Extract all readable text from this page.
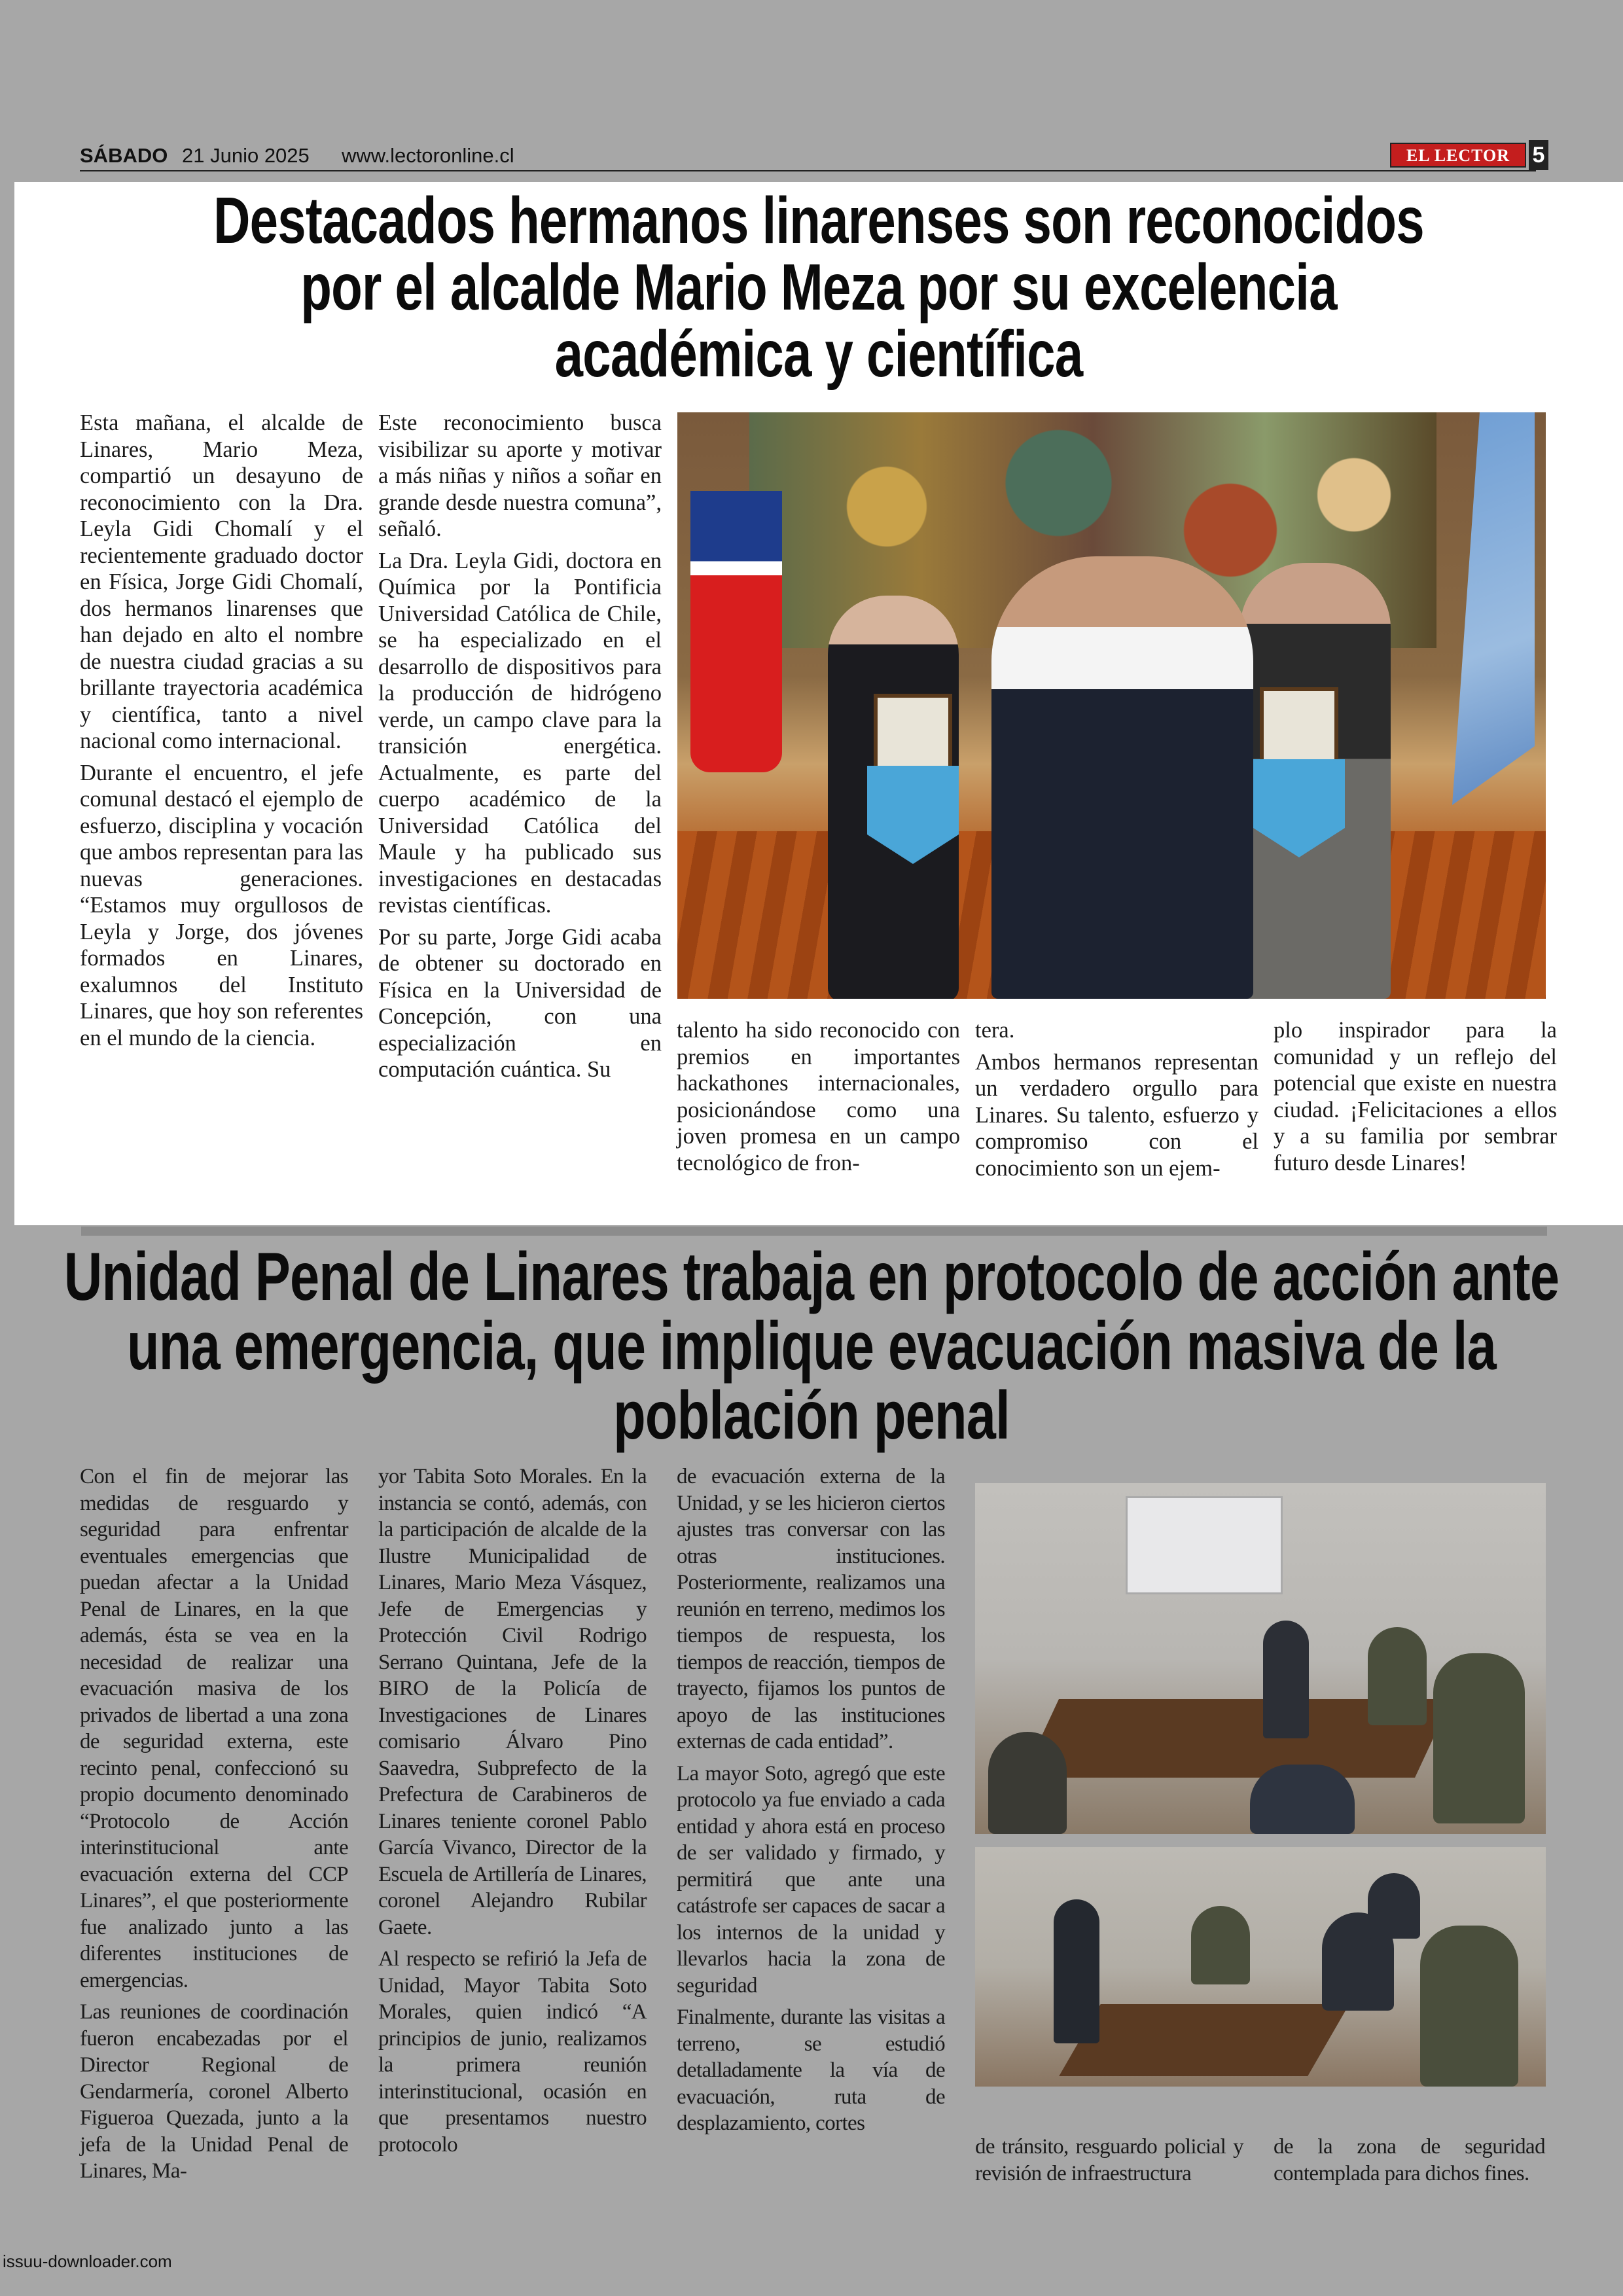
SÁBADO 21 Junio 2025 www.lectoronline.cl	EL LECTOR	5
Destacados hermanos linarenses son reconocidos por el alcalde Mario Meza por su excelencia académica y científica

Esta mañana, el alcalde de Linares, Mario Meza, compartió un desayuno de reconocimiento con la Dra. Leyla Gidi Chomalí y el recientemente graduado doctor en Física, Jorge Gidi Chomalí, dos hermanos linarenses que han dejado en alto el nombre de nuestra ciudad gracias a su brillante trayectoria académica y científica, tanto a nivel nacional como internacional.

Durante el encuentro, el jefe comunal destacó el ejemplo de esfuerzo, disciplina y vocación que ambos representan para las nuevas generaciones. “Estamos muy orgullosos de Leyla y Jorge, dos jóvenes formados en Linares, exalumnos del Instituto Linares, que hoy son referentes en el mundo de la ciencia.

Este reconocimiento busca visibilizar su aporte y motivar a más niñas y niños a soñar en grande desde nuestra comuna”, señaló.

La Dra. Leyla Gidi, doctora en Química por la Pontificia Universidad Católica de Chile, se ha especializado en el desarrollo de dispositivos para la producción de hidrógeno verde, un campo clave para la transición energética. Actualmente, es parte del cuerpo académico de la Universidad Católica del Maule y ha publicado sus investigaciones en destacadas revistas científicas.

Por su parte, Jorge Gidi acaba de obtener su doctorado en Física en la Universidad de Concepción, con una especialización en computación cuántica. Su

talento ha sido reconocido con premios en importantes hackathones internacionales, posicionándose como una joven promesa en un campo tecnológico de fron-

tera.

Ambos hermanos representan un verdadero orgullo para Linares. Su talento, esfuerzo y compromiso con el conocimiento son un ejem-

plo inspirador para la comunidad y un reflejo del potencial que existe en nuestra ciudad. ¡Felicitaciones a ellos y a su familia por sembrar futuro desde Linares!

Unidad Penal de Linares trabaja en protocolo de acción ante una emergencia, que implique evacuación masiva de la población penal

Con el fin de mejorar las medidas de resguardo y seguridad para enfrentar eventuales emergencias que puedan afectar a la Unidad Penal de Linares, en la que además, ésta se vea en la necesidad de realizar una evacuación masiva de los privados de libertad a una zona de seguridad externa, este recinto penal, confeccionó su propio documento denominado “Protocolo de Acción interinstitucional ante evacuación externa del CCP Linares”, el que posteriormente fue analizado junto a las diferentes instituciones de emergencias.

Las reuniones de coordinación fueron encabezadas por el Director Regional de Gendarmería, coronel Alberto Figueroa Quezada, junto a la jefa de la Unidad Penal de Linares, Ma-

yor Tabita Soto Morales. En la instancia se contó, además, con la participación de alcalde de la Ilustre Municipalidad de Linares, Mario Meza Vásquez, Jefe de Emergencias y Protección Civil Rodrigo Serrano Quintana, Jefe de la BIRO de la Policía de Investigaciones de Linares comisario Álvaro Pino Saavedra, Subprefecto de la Prefectura de Carabineros de Linares teniente coronel Pablo García Vivanco, Director de la Escuela de Artillería de Linares, coronel Alejandro Rubilar Gaete.

Al respecto se refirió la Jefa de Unidad, Mayor Tabita Soto Morales, quien indicó “A principios de junio, realizamos la primera reunión interinstitucional, ocasión en que presentamos nuestro protocolo

de evacuación externa de la Unidad, y se les hicieron ciertos ajustes tras conversar con las otras instituciones. Posteriormente, realizamos una reunión en terreno, medimos los tiempos de respuesta, los tiempos de reacción, tiempos de trayecto, fijamos los puntos de apoyo de las instituciones externas de cada entidad”.

La mayor Soto, agregó que este protocolo ya fue enviado a cada entidad y ahora está en proceso de ser validado y firmado, y permitirá que ante una catástrofe ser capaces de sacar a los internos de la unidad y llevarlos hacia la zona de seguridad

Finalmente, durante las visitas a terreno, se estudió detalladamente la vía de evacuación, ruta de desplazamiento, cortes

de tránsito, resguardo policial y revisión de infraestructura

de la zona de seguridad contemplada para dichos fines.

issuu-downloader.com
